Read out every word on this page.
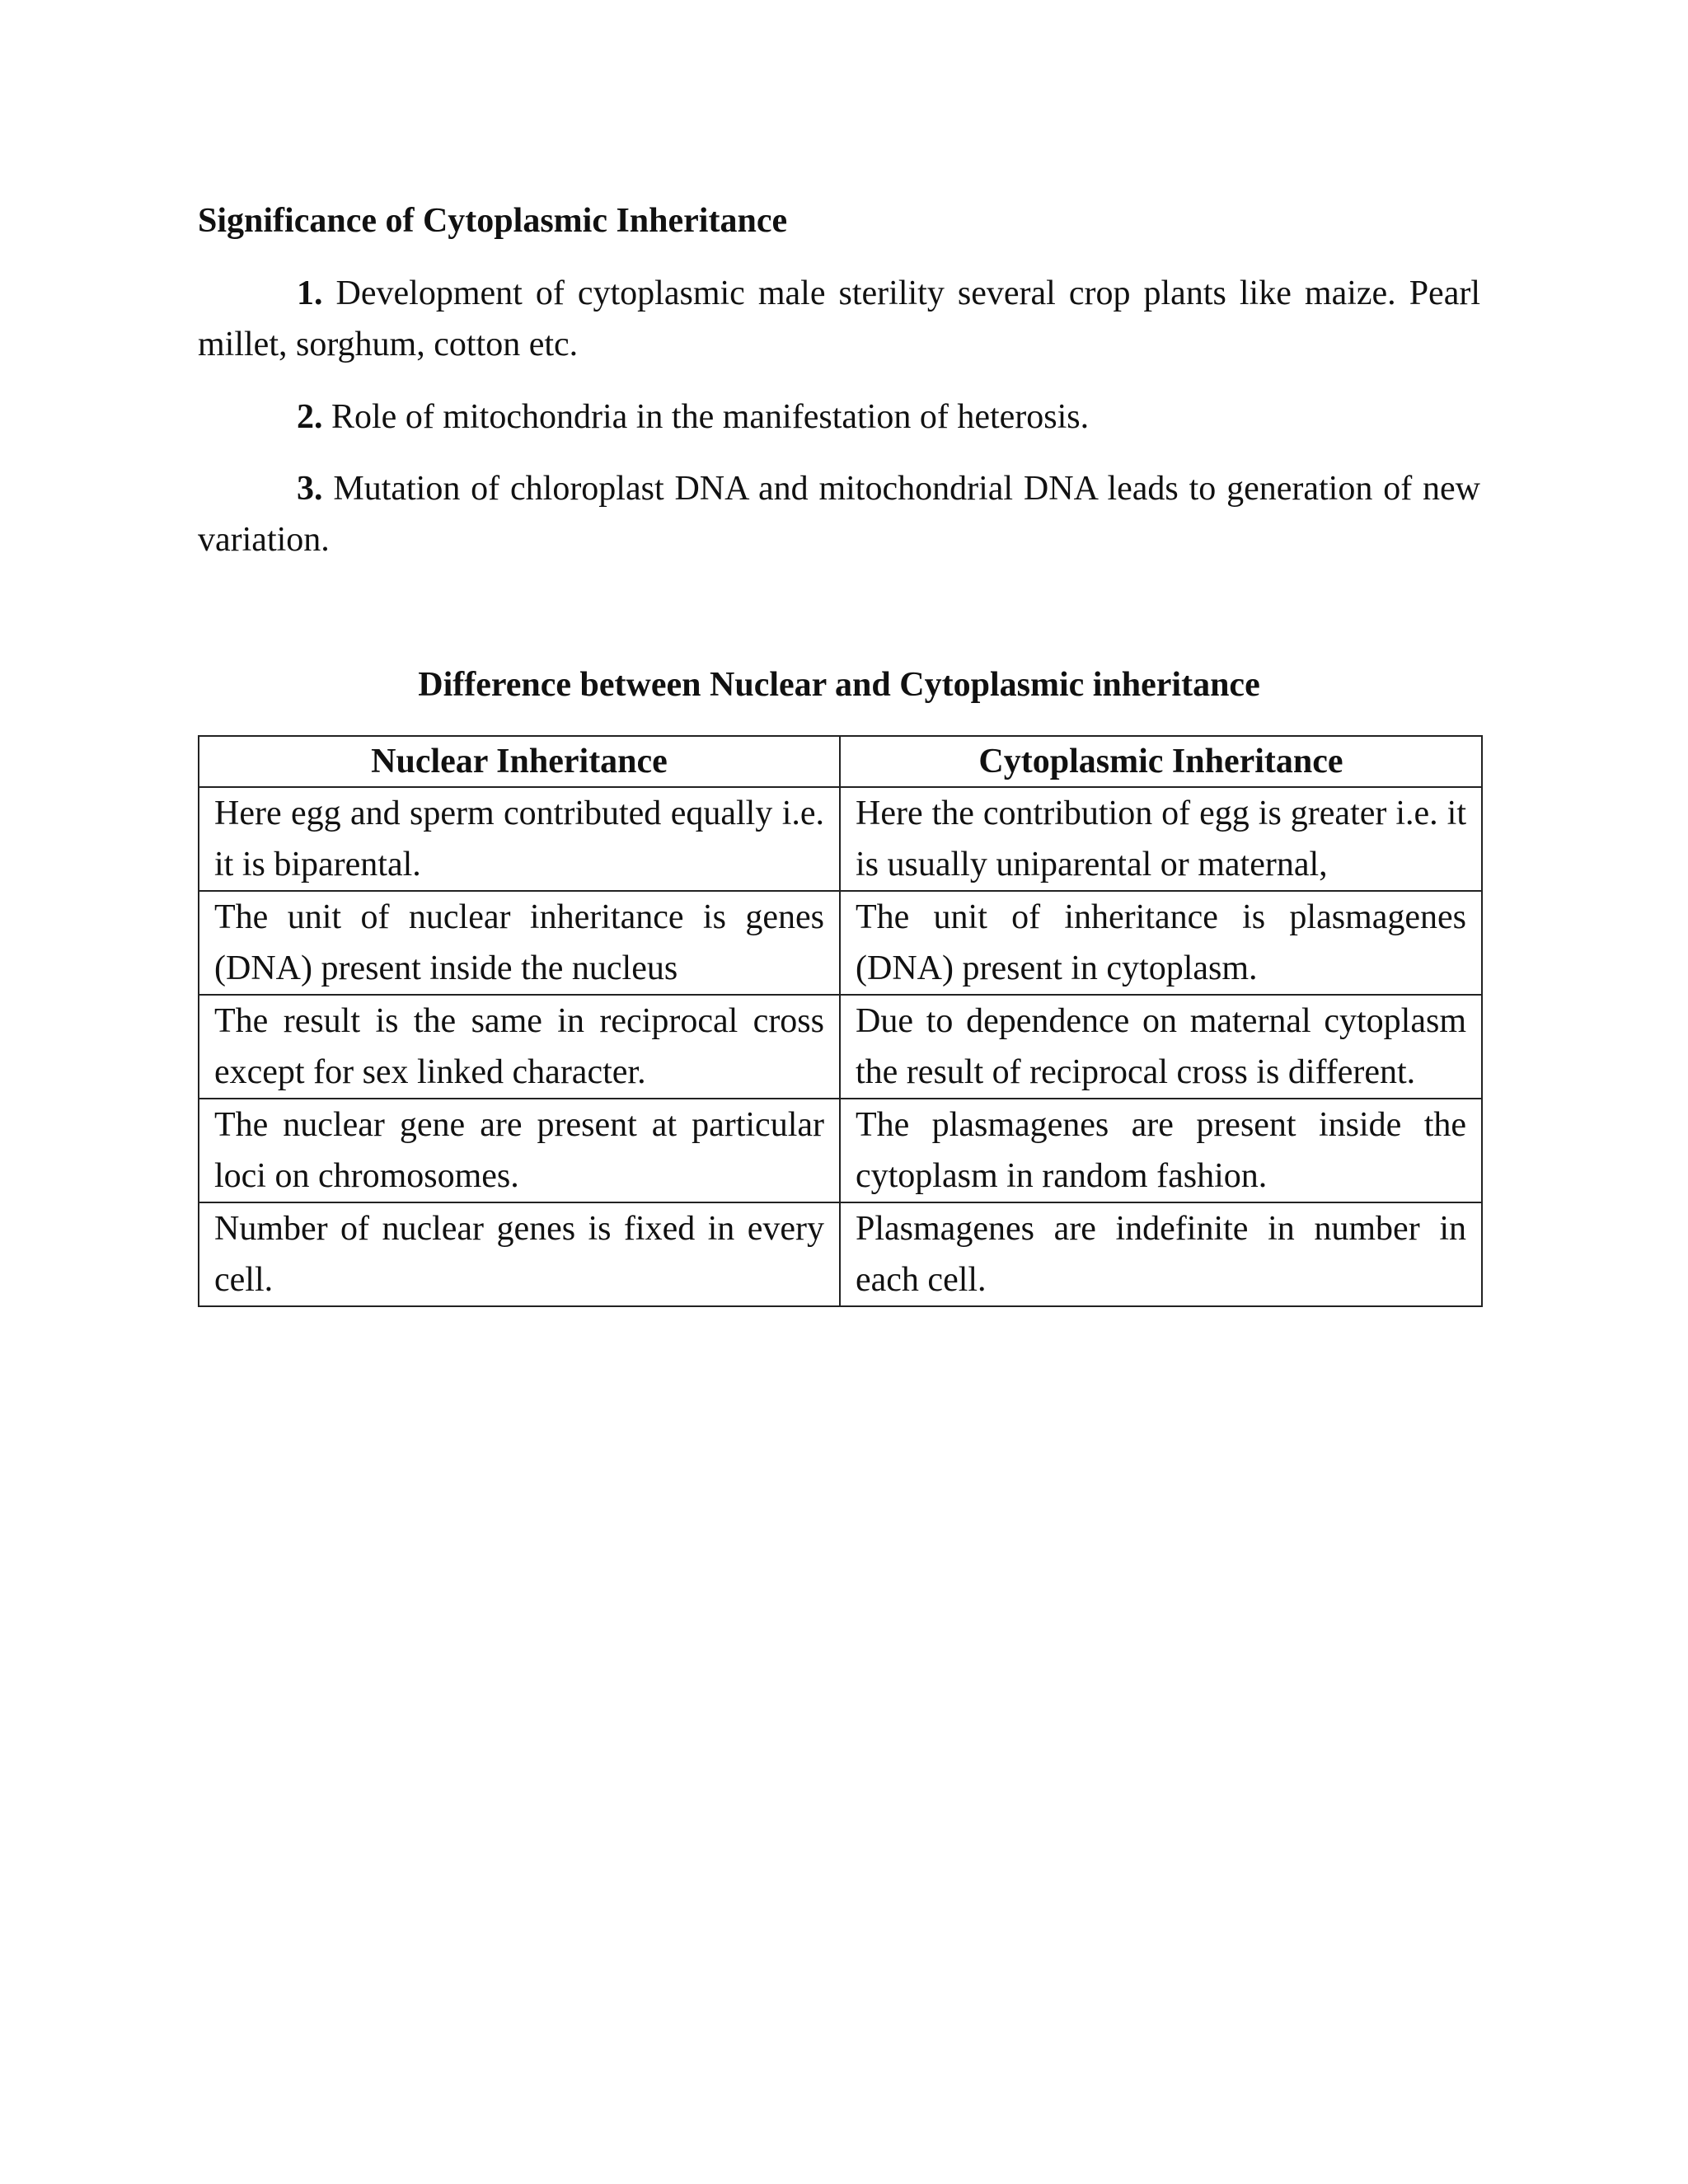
Significance of Cytoplasmic Inheritance
1. Development of cytoplasmic male sterility several crop plants like maize. Pearl millet, sorghum, cotton etc.
2. Role of mitochondria in the manifestation of heterosis.
3. Mutation of chloroplast DNA and mitochondrial DNA leads to generation of new variation.
Difference between Nuclear and Cytoplasmic inheritance
Nuclear Inheritance	Cytoplasmic Inheritance
Here egg and sperm contributed equally i.e. it is biparental.	Here the contribution of egg is greater i.e. it is usually uniparental or maternal,
The unit of nuclear inheritance is genes (DNA) present inside the nucleus	The unit of inheritance is plasmagenes (DNA) present in cytoplasm.
The result is the same in reciprocal cross except for sex linked character.	Due to dependence on maternal cytoplasm the result of reciprocal cross is different.
The nuclear gene are present at particular loci on chromosomes.	The plasmagenes are present inside the cytoplasm in random fashion.
Number of nuclear genes is fixed in every cell.	Plasmagenes are indefinite in number in each cell.
